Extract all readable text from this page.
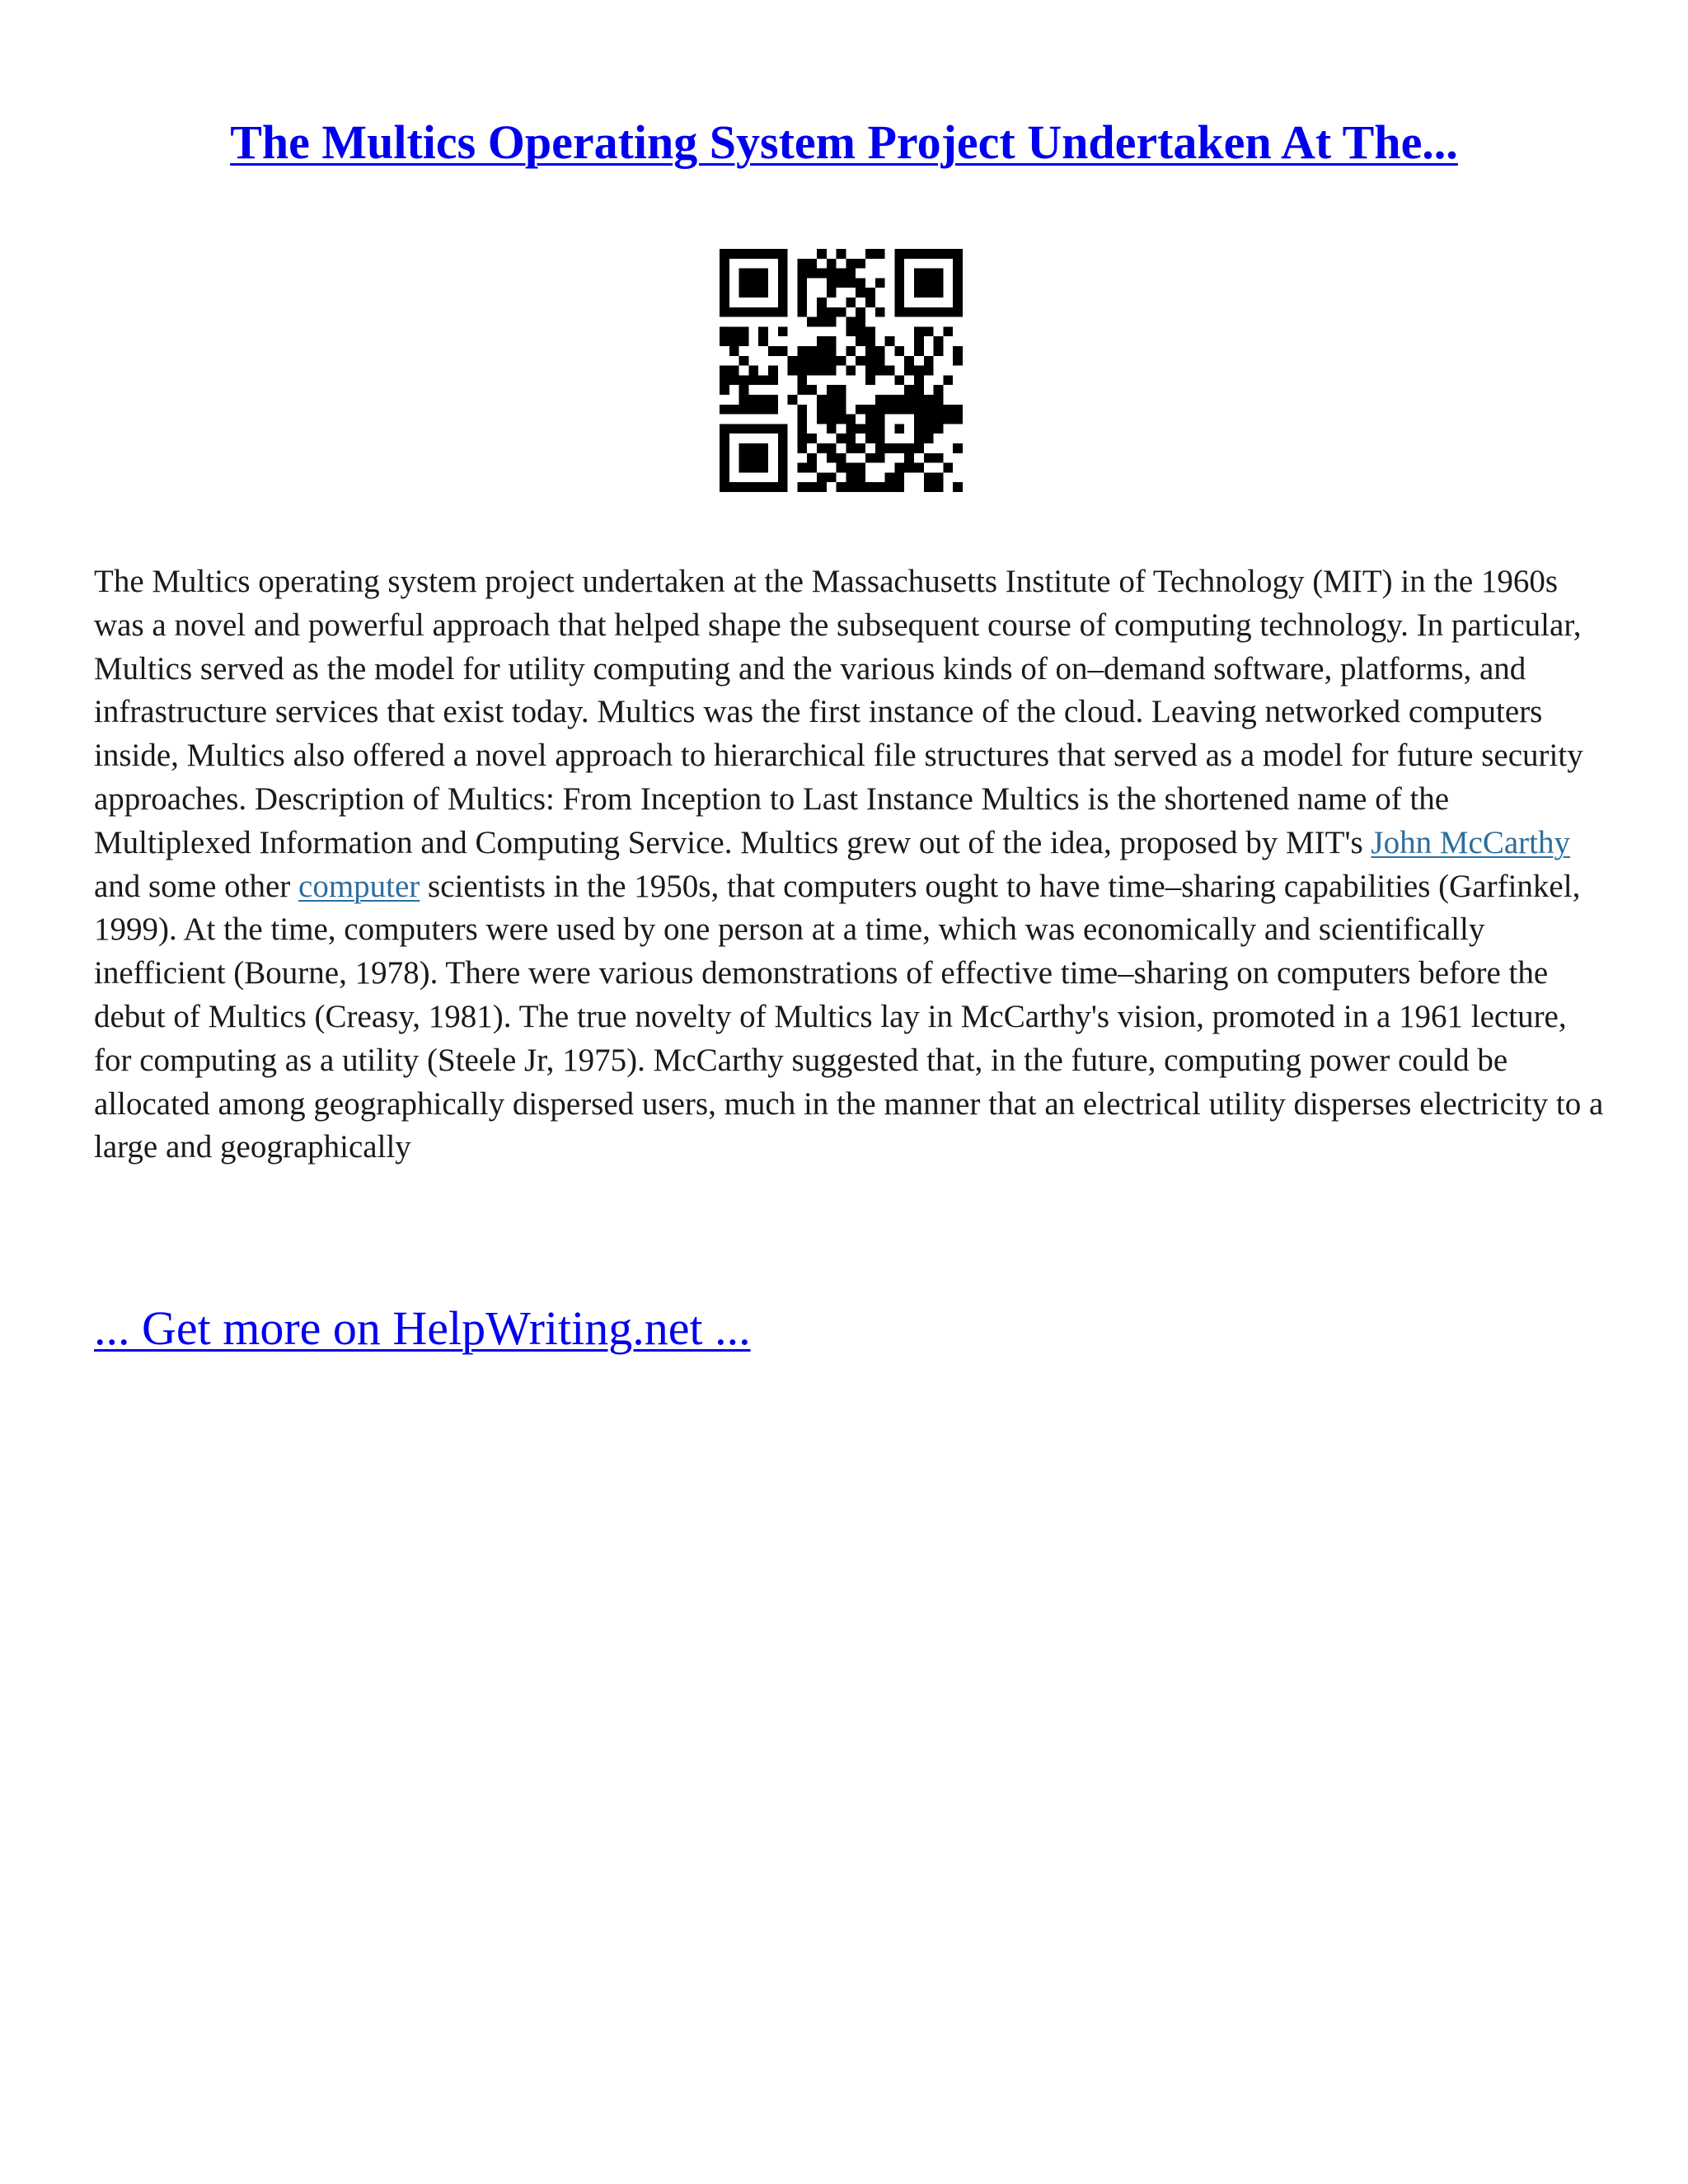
The Multics Operating System Project Undertaken At The...

The Multics operating system project undertaken at the Massachusetts Institute of Technology (MIT) in the 1960s was a novel and powerful approach that helped shape the subsequent course of computing technology. In particular, Multics served as the model for utility computing and the various kinds of on–demand software, platforms, and infrastructure services that exist today. Multics was the first instance of the cloud. Leaving networked computers inside, Multics also offered a novel approach to hierarchical file structures that served as a model for future security approaches. Description of Multics: From Inception to Last Instance Multics is the shortened name of the Multiplexed Information and Computing Service. Multics grew out of the idea, proposed by MIT's John McCarthy and some other computer scientists in the 1950s, that computers ought to have time–sharing capabilities (Garfinkel, 1999). At the time, computers were used by one person at a time, which was economically and scientifically inefficient (Bourne, 1978). There were various demonstrations of effective time–sharing on computers before the debut of Multics (Creasy, 1981). The true novelty of Multics lay in McCarthy's vision, promoted in a 1961 lecture, for computing as a utility (Steele Jr, 1975). McCarthy suggested that, in the future, computing power could be allocated among geographically dispersed users, much in the manner that an electrical utility disperses electricity to a large and geographically

... Get more on HelpWriting.net ...
